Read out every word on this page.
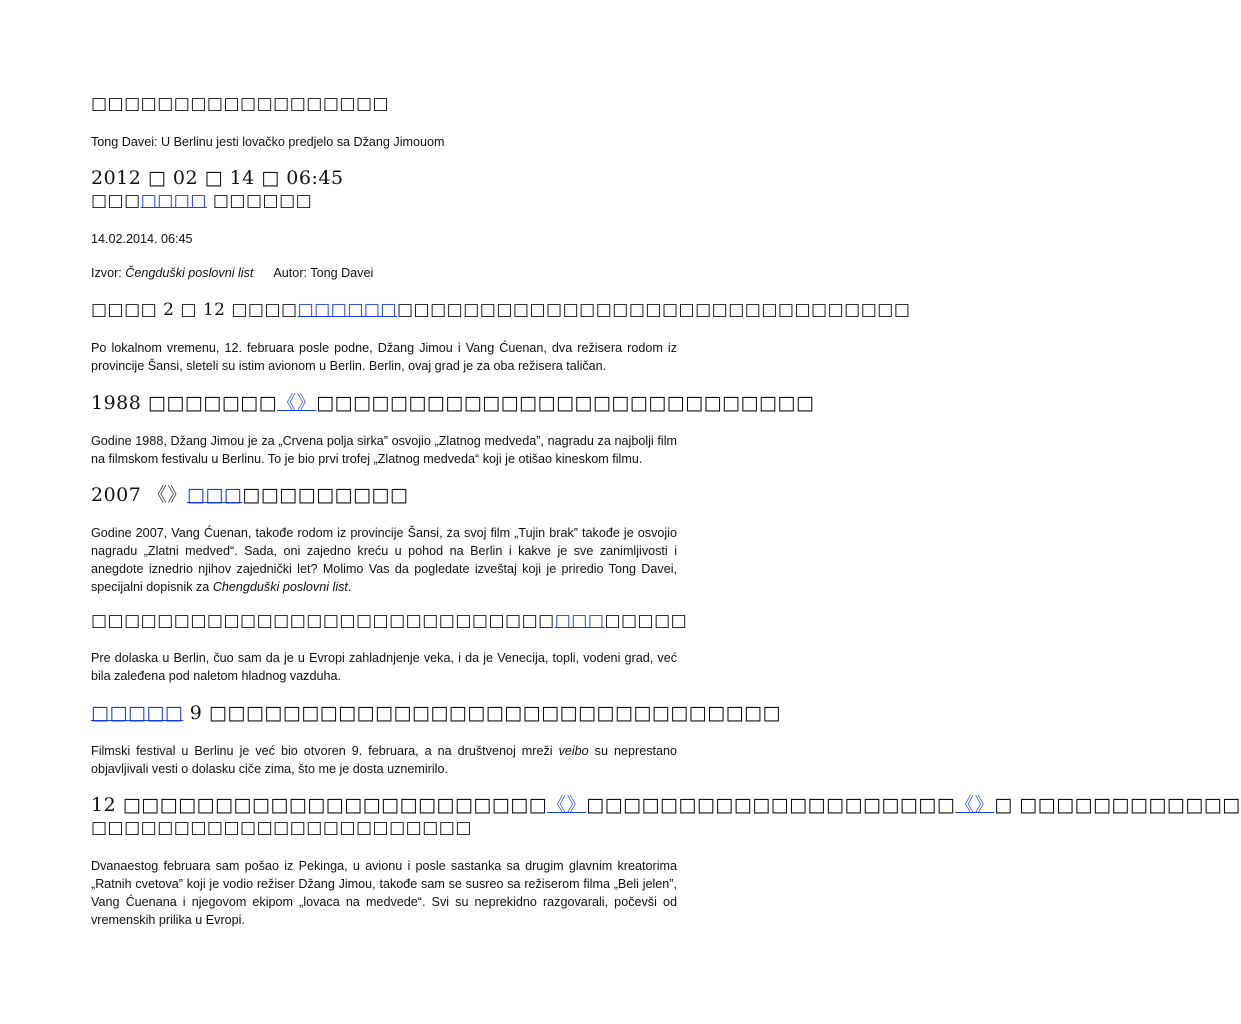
□□□□□□□□□□□□□□□□□□

Tong Davei: U Berlinu jesti lovačko predjelo sa Džang Jimouom

2012 □ 02 □ 14 □ 06:45
□□□□□□□ □□□□□□

14.02.2014. 06:45

Izvor: Čengduški poslovni list Autor: Tong Davei

□□□□ 2 □ 12 □□□□□□□□□□□□□□□□□□□□□□□□□□□□□□□□□□□□□□□□□

Po lokalnom vremenu, 12. februara posle podne, Džang Jimou i Vang Ćuenan, dva režisera rodom iz provincije Šansi, sleteli su istim avionom u Berlin. Berlin, ovaj grad je za oba režisera taličan.

1988 □□□□□□□《》□□□□□□□□□□□□□□□□□□□□□□□□□□□

Godine 1988, Džang Jimou je za „Crvena polja sirka” osvojio „Zlatnog medveda”, nagradu za najbolji film na filmskom festivalu u Berlinu. To je bio prvi trofej „Zlatnog medveda“ koji je otišao kineskom filmu.

2007 《》□□□□□□□□□□□□

Godine 2007, Vang Ćuenan, takođe rodom iz provincije Šansi, za svoj film „Tujin brak” takođe je osvojio nagradu „Zlatni medved“. Sada, oni zajedno kreću u pohod na Berlin i kakve je sve zanimljivosti i anegdote iznedrio njihov zajednički let? Molimo Vas da pogledate izveštaj koji je priredio Tong Davei, specijalni dopisnik za Chengduški poslovni list.

□□□□□□□□□□□□□□□□□□□□□□□□□□□□□□□□□□□□

Pre dolaska u Berlin, čuo sam da je u Evropi zahladnjenje veka, i da je Venecija, topli, vodeni grad, već bila zaleđena pod naletom hladnog vazduha.

□□□□□ 9 □□□□□□□□□□□□□□□□□□□□□□□□□□□□□□□

Filmski festival u Berlinu je već bio otvoren 9. februara, a na društvenoj mreži veibo su neprestano objavljivali vesti o dolasku ciče zima, što me je dosta uznemirilo.

12 □□□□□□□□□□□□□□□□□□□□□□□《》□□□□□□□□□□□□□□□□□□□□《》□ □□□□□□□□□□□□
□□□□□□□□□□□□□□□□□□□□□□□

Dvanaestog februara sam pošao iz Pekinga, u avionu i posle sastanka sa drugim glavnim kreatorima „Ratnih cvetova” koji je vodio režiser Džang Jimou, takođe sam se susreo sa režiserom filma „Beli jelen”, Vang Ćuenana i njegovom ekipom „lovaca na medvede“. Svi su neprekidno razgovarali, počevši od vremenskih prilika u Evropi.
